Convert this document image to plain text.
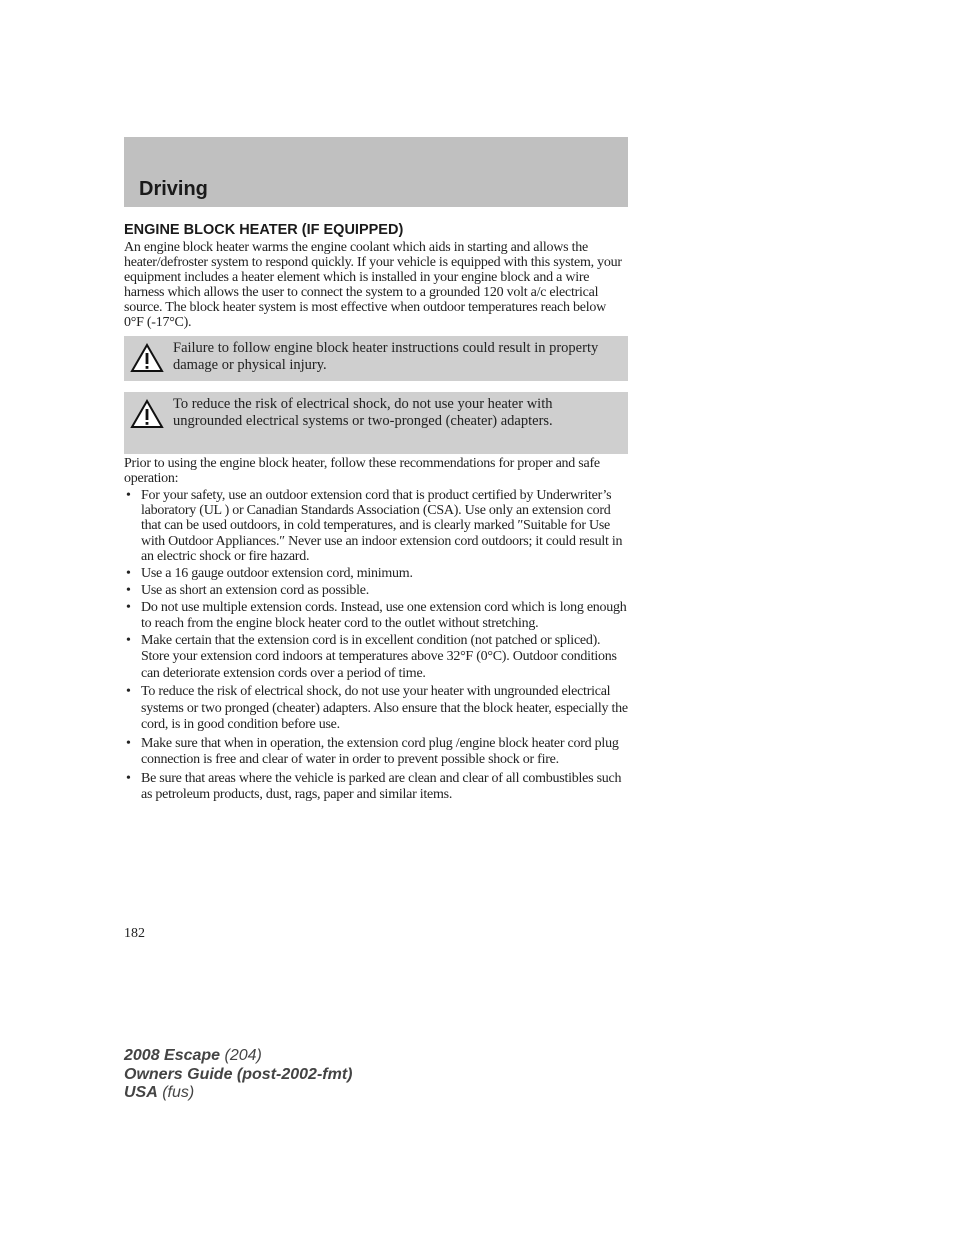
Driving
ENGINE BLOCK HEATER (IF EQUIPPED)

An engine block heater warms the engine coolant which aids in starting and allows the heater/defroster system to respond quickly. If your vehicle is equipped with this system, your equipment includes a heater element which is installed in your engine block and a wire harness which allows the user to connect the system to a grounded 120 volt a/c electrical source. The block heater system is most effective when outdoor temperatures reach below 0°F (-17°C).

Failure to follow engine block heater instructions could result in property damage or physical injury.
To reduce the risk of electrical shock, do not use your heater with ungrounded electrical systems or two-pronged (cheater) adapters.

Prior to using the engine block heater, follow these recommendations for proper and safe operation:

• For your safety, use an outdoor extension cord that is product certified by Underwriter’s laboratory (UL ) or Canadian Standards Association (CSA). Use only an extension cord that can be used outdoors, in cold temperatures, and is clearly marked ″Suitable for Use with Outdoor Appliances.″ Never use an indoor extension cord outdoors; it could result in an electric shock or fire hazard.
• Use a 16 gauge outdoor extension cord, minimum.
• Use as short an extension cord as possible.
• Do not use multiple extension cords. Instead, use one extension cord which is long enough to reach from the engine block heater cord to the outlet without stretching.
• Make certain that the extension cord is in excellent condition (not patched or spliced). Store your extension cord indoors at temperatures above 32°F (0°C). Outdoor conditions can deteriorate extension cords over a period of time.
• To reduce the risk of electrical shock, do not use your heater with ungrounded electrical systems or two pronged (cheater) adapters. Also ensure that the block heater, especially the cord, is in good condition before use.
• Make sure that when in operation, the extension cord plug /engine block heater cord plug connection is free and clear of water in order to prevent possible shock or fire.
• Be sure that areas where the vehicle is parked are clean and clear of all combustibles such as petroleum products, dust, rags, paper and similar items.
182
2008 Escape (204)
Owners Guide (post-2002-fmt)
USA (fus)
